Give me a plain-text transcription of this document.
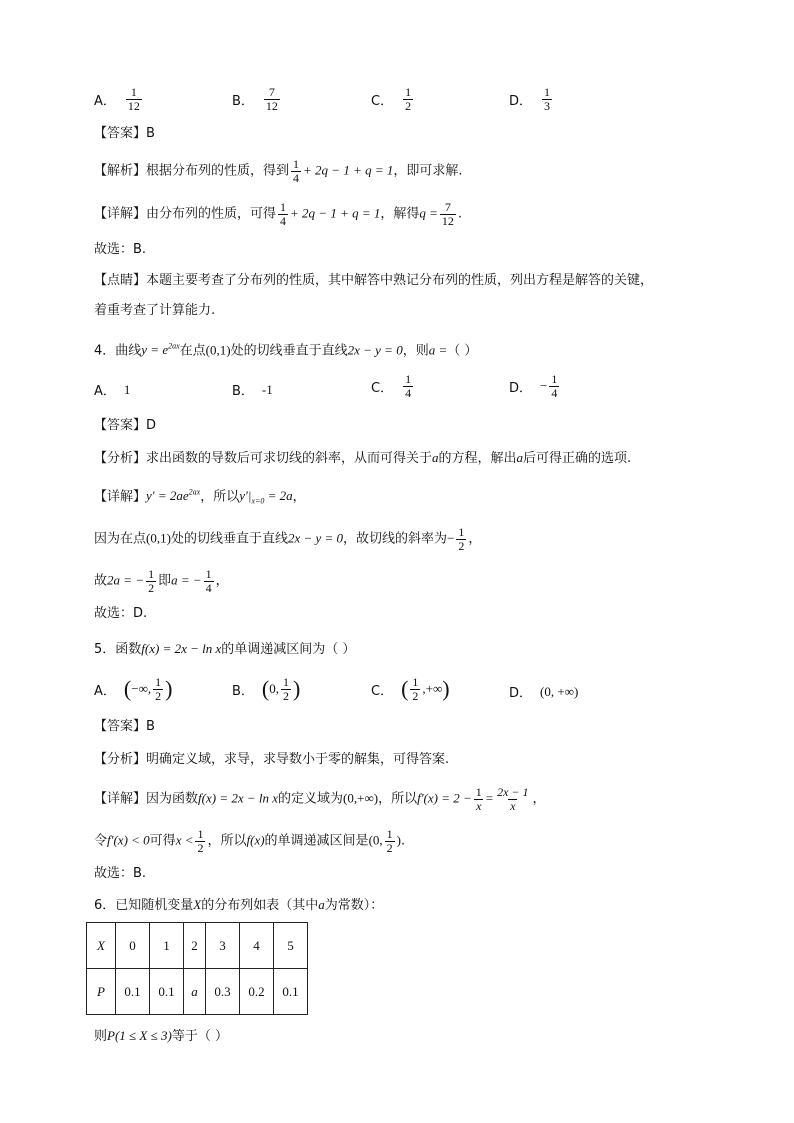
A． $\frac{1}{12}$	B． $\frac{7}{12}$	C． $\frac{1}{2}$	D． $\frac{1}{3}$
【答案】B
【解析】根据分布列的性质，得到 $\frac{1}{4} + 2q - 1 + q = 1$，即可求解.
【详解】由分布列的性质，可得 $\frac{1}{4} + 2q - 1 + q = 1$，解得$q = \frac{7}{12}$ .
故选：B.
【点睛】本题主要考查了分布列的性质，其中解答中熟记分布列的性质，列出方程是解答的关键，
着重考查了计算能力.
4．曲线$y = e^{2ax}$在点(0,1)处的切线垂直于直线2x − y = 0，则a =（ ）
A． 1	B． -1	C． $\frac{1}{4}$	D． − $\frac{1}{4}$
【答案】D
【分析】求出函数的导数后可求切线的斜率，从而可得关于a的方程，解出a后可得正确的选项.
【详解】$y' = 2ae^{2ax}$，所以$y'|_{x=0} = 2a$，
因为在点(0,1)处的切线垂直于直线2x − y = 0，故切线的斜率为− $\frac{1}{2}$ ，
故2a = − $\frac{1}{2}$ 即a = − $\frac{1}{4}$ ，
故选：D.
5．函数f(x) = 2x − ln x的单调递减区间为（ ）
A． ( −∞, $\frac{1}{2}$ )	B． ( 0, $\frac{1}{2}$ )	C． ( $\frac{1}{2}$ ,+∞ )	D． (0, +∞)
【答案】B
【分析】明确定义域，求导，求导数小于零的解集，可得答案.
【详解】因为函数f(x) = 2x − ln x的定义域为(0,+∞)，所以$f'(x) = 2 - \frac{1}{x} = \frac{2x - 1}{x}$ ，
令f′(x) < 0可得$x < \frac{1}{2}$ ，所以f(x)的单调递减区间是(0, $\frac{1}{2}$ ).
故选：B.
6．已知随机变量X的分布列如表（其中a为常数）：
X	0	1	2	3	4	5
P	0.1	0.1	a	0.3	0.2	0.1
则P(1 ≤ X ≤ 3)等于（ ）
